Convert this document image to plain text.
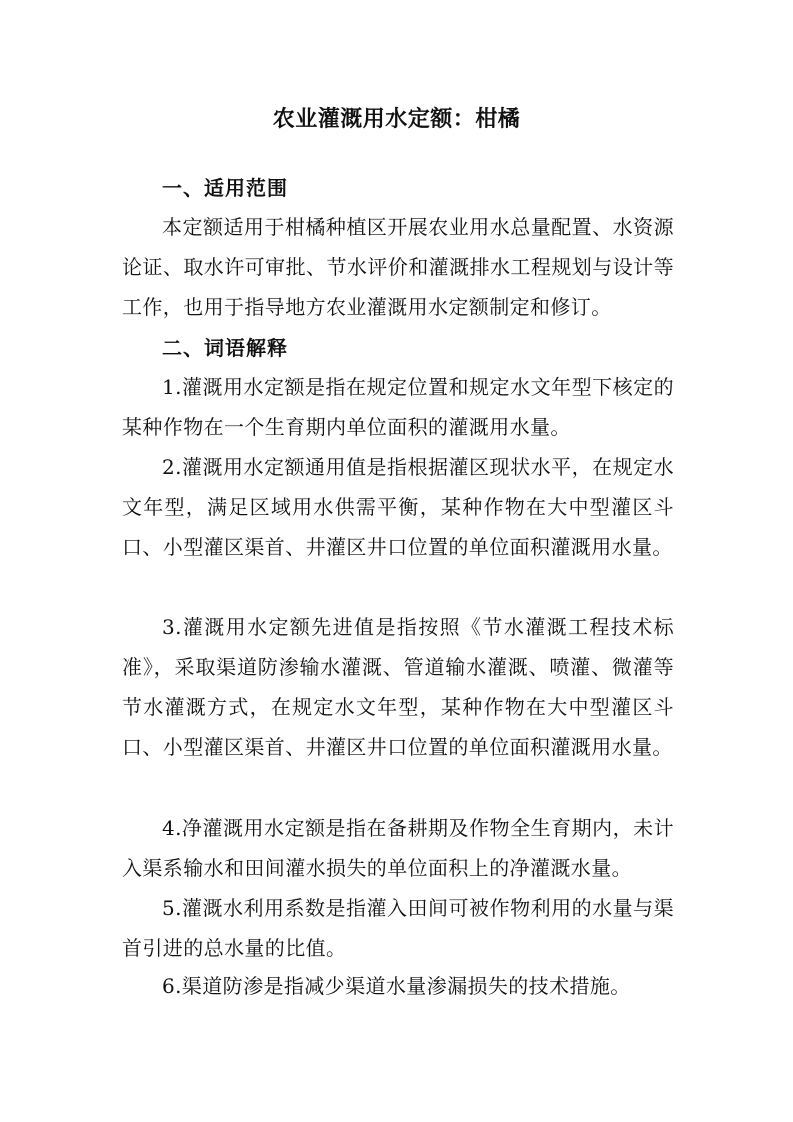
农业灌溉用水定额：柑橘
一、适用范围

本定额适用于柑橘种植区开展农业用水总量配置、水资源论证、取水许可审批、节水评价和灌溉排水工程规划与设计等工作，也用于指导地方农业灌溉用水定额制定和修订。

二、词语解释

1.灌溉用水定额是指在规定位置和规定水文年型下核定的某种作物在一个生育期内单位面积的灌溉用水量。

2.灌溉用水定额通用值是指根据灌区现状水平，在规定水文年型，满足区域用水供需平衡，某种作物在大中型灌区斗口、小型灌区渠首、井灌区井口位置的单位面积灌溉用水量。

3.灌溉用水定额先进值是指按照《节水灌溉工程技术标准》，采取渠道防渗输水灌溉、管道输水灌溉、喷灌、微灌等节水灌溉方式，在规定水文年型，某种作物在大中型灌区斗口、小型灌区渠首、井灌区井口位置的单位面积灌溉用水量。

4.净灌溉用水定额是指在备耕期及作物全生育期内，未计入渠系输水和田间灌水损失的单位面积上的净灌溉水量。

5.灌溉水利用系数是指灌入田间可被作物利用的水量与渠首引进的总水量的比值。

6.渠道防渗是指减少渠道水量渗漏损失的技术措施。
